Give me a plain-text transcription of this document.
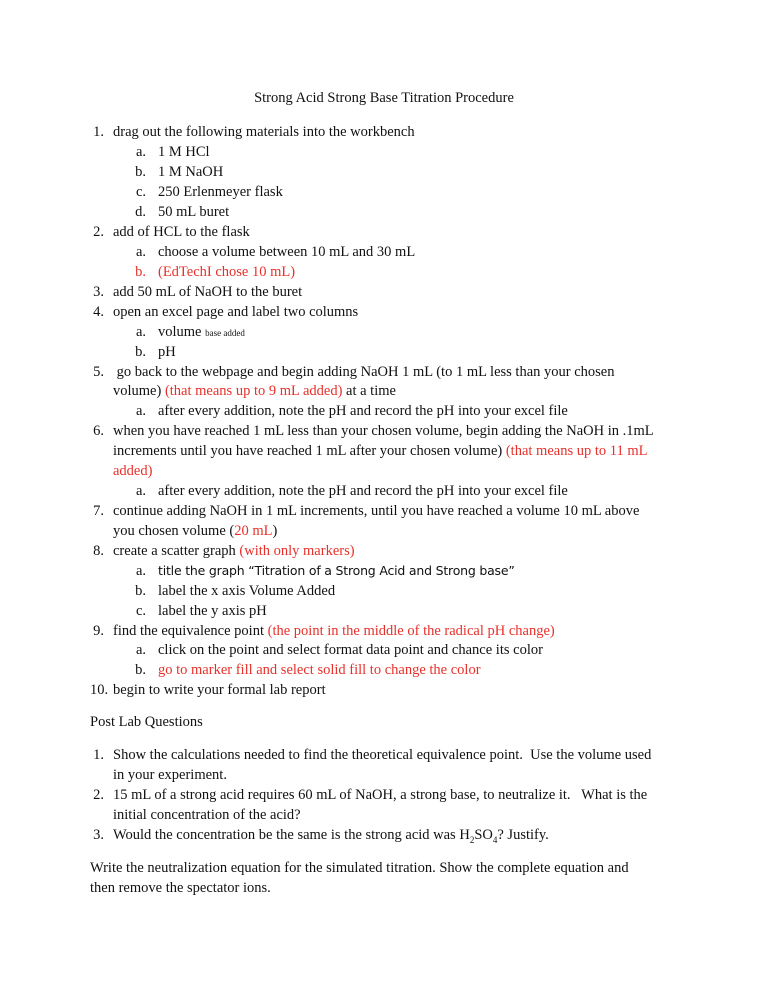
Strong Acid Strong Base Titration Procedure
1. drag out the following materials into the workbench
a. 1 M HCl
b. 1 M NaOH
c. 250 Erlenmeyer flask
d. 50 mL buret
2. add of HCL to the flask
a. choose a volume between 10 mL and 30 mL
b. (EdTechI chose 10 mL)
3. add 50 mL of NaOH to the buret
4. open an excel page and label two columns
a. volume base added
b. pH
5. go back to the webpage and begin adding NaOH 1 mL (to 1 mL less than your chosen
volume) (that means up to 9 mL added) at a time
a. after every addition, note the pH and record the pH into your excel file
6. when you have reached 1 mL less than your chosen volume, begin adding the NaOH in .1mL
increments until you have reached 1 mL after your chosen volume) (that means up to 11 mL
added)
a. after every addition, note the pH and record the pH into your excel file
7. continue adding NaOH in 1 mL increments, until you have reached a volume 10 mL above
you chosen volume (20 mL)
8. create a scatter graph (with only markers)
a. title the graph “Titration of a Strong Acid and Strong base”
b. label the x axis Volume Added
c. label the y axis pH
9. find the equivalence point (the point in the middle of the radical pH change)
a. click on the point and select format data point and chance its color
b. go to marker fill and select solid fill to change the color
10. begin to write your formal lab report
Post Lab Questions
1. Show the calculations needed to find the theoretical equivalence point.  Use the volume used
in your experiment.
2. 15 mL of a strong acid requires 60 mL of NaOH, a strong base, to neutralize it.   What is the
initial concentration of the acid?
3. Would the concentration be the same is the strong acid was $H_2SO_4$? Justify.
Write the neutralization equation for the simulated titration. Show the complete equation and
then remove the spectator ions.
